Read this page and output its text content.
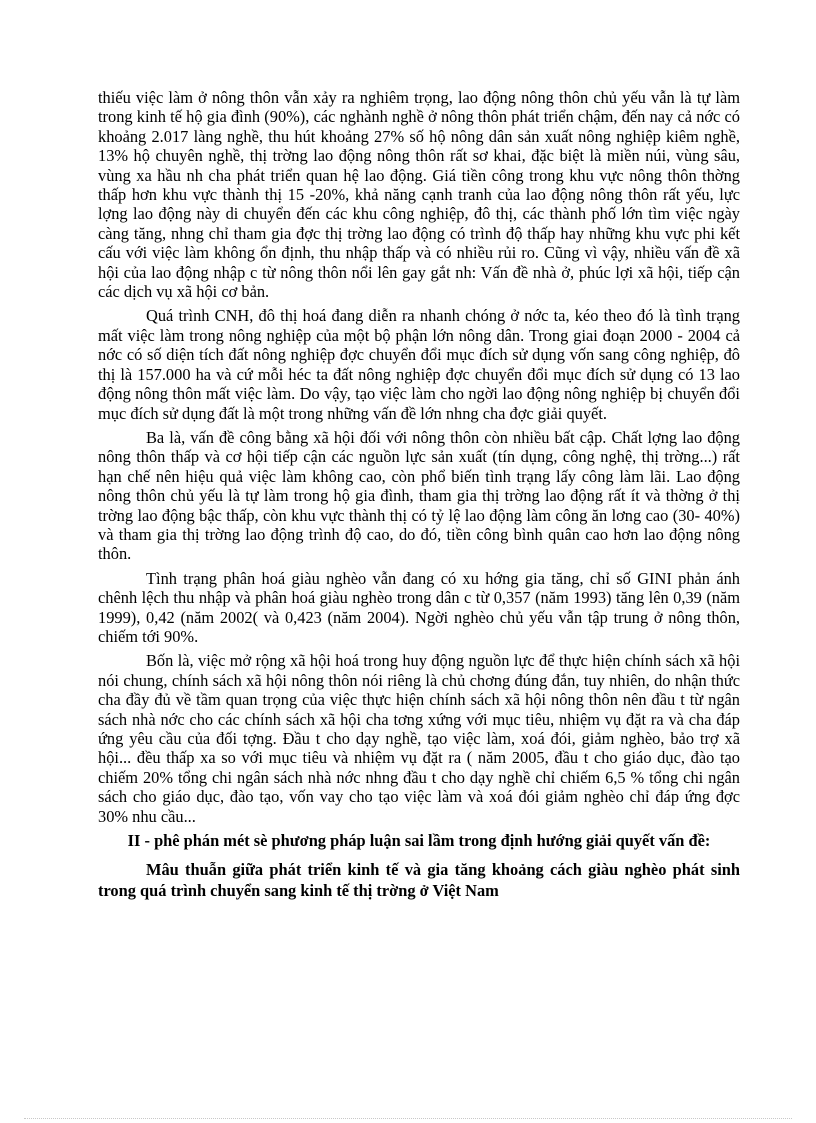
thiếu việc làm ở nông thôn vẫn xảy ra nghiêm trọng, lao động nông thôn chủ yếu vẫn là tự làm trong kinh tế hộ gia đình (90%), các nghành nghề ở nông thôn phát triển chậm, đến nay cả nớc có khoảng 2.017 làng nghề, thu hút khoảng 27% số hộ nông dân sản xuất nông nghiệp kiêm nghề, 13% hộ chuyên nghề, thị trờng lao động nông thôn rất sơ khai, đặc biệt là miền núi, vùng sâu, vùng xa hầu nh cha phát triển quan hệ lao động. Giá tiền công trong khu vực nông thôn thờng thấp hơn khu vực thành thị 15 -20%, khả năng cạnh tranh của lao động nông thôn rất yếu, lực lợng lao động này di chuyển đến các khu công nghiệp, đô thị, các thành phố lớn tìm việc ngày càng tăng, nhng chỉ tham gia đợc thị trờng lao động có trình độ thấp hay những khu vực phi kết cấu với việc làm không ổn định, thu nhập thấp và có nhiều rủi ro. Cũng vì vậy, nhiều vấn đề xã hội của lao động nhập c từ nông thôn nổi lên gay gắt nh: Vấn đề nhà ở, phúc lợi xã hội, tiếp cận các dịch vụ xã hội cơ bản.

Quá trình CNH, đô thị hoá đang diễn ra nhanh chóng ở nớc ta, kéo theo đó là tình trạng mất việc làm trong nông nghiệp của một bộ phận lớn nông dân. Trong giai đoạn 2000 - 2004 cả nớc có số diện tích đất nông nghiệp đợc chuyển đổi mục đích sử dụng vốn sang công nghiệp, đô thị là 157.000 ha và cứ mỗi héc ta đất nông nghiệp đợc chuyển đổi mục đích sử dụng có 13 lao động nông thôn mất việc làm. Do vậy, tạo việc làm cho ngời lao động nông nghiệp bị chuyển đổi mục đích sử dụng đất là một trong những vấn đề lớn nhng cha đợc giải quyết.

Ba là, vấn đề công bằng xã hội đối với nông thôn còn nhiều bất cập. Chất lợng lao động nông thôn thấp và cơ hội tiếp cận các nguồn lực sản xuất (tín dụng, công nghệ, thị trờng...) rất hạn chế nên hiệu quả việc làm không cao, còn phổ biến tình trạng lấy công làm lãi. Lao động nông thôn chủ yếu là tự làm trong hộ gia đình, tham gia thị trờng lao động rất ít và thờng ở thị trờng lao động bậc thấp, còn khu vực thành thị có tỷ lệ lao động làm công ăn lơng cao (30- 40%) và tham gia thị trờng lao động trình độ cao, do đó, tiền công bình quân cao hơn lao động nông thôn.

Tình trạng phân hoá giàu nghèo vẫn đang có xu hớng gia tăng, chỉ số GINI phản ánh chênh lệch thu nhập và phân hoá giàu nghèo trong dân c từ 0,357 (năm 1993) tăng lên 0,39 (năm 1999), 0,42 (năm 2002( và 0,423 (năm 2004). Ngời nghèo chủ yếu vẫn tập trung ở nông thôn, chiếm tới 90%.

Bốn là, việc mở rộng xã hội hoá trong huy động nguồn lực để thực hiện chính sách xã hội nói chung, chính sách xã hội nông thôn nói riêng là chủ chơng đúng đắn, tuy nhiên, do nhận thức cha đầy đủ về tầm quan trọng của việc thực hiện chính sách xã hội nông thôn nên đầu t từ ngân sách nhà nớc cho các chính sách xã hội cha tơng xứng với mục tiêu, nhiệm vụ đặt ra và cha đáp ứng yêu cầu của đối tợng. Đầu t cho dạy nghề, tạo việc làm, xoá đói, giảm nghèo, bảo trợ xã hội... đều thấp xa so với mục tiêu và nhiệm vụ đặt ra ( năm 2005, đầu t cho giáo dục, đào tạo chiếm 20% tổng chi ngân sách nhà nớc nhng đầu t cho dạy nghề chỉ chiếm 6,5 % tổng chi ngân sách cho giáo dục, đào tạo, vốn vay cho tạo việc làm và xoá đói giảm nghèo chỉ đáp ứng đợc 30% nhu cầu...

II - phê phán mét sè phương pháp luận sai lầm trong định hướng giải quyết vấn đề:
Mâu thuẫn giữa phát triển kinh tế và gia tăng khoảng cách giàu nghèo phát sinh trong quá trình chuyển sang kinh tế thị trờng ở Việt Nam
